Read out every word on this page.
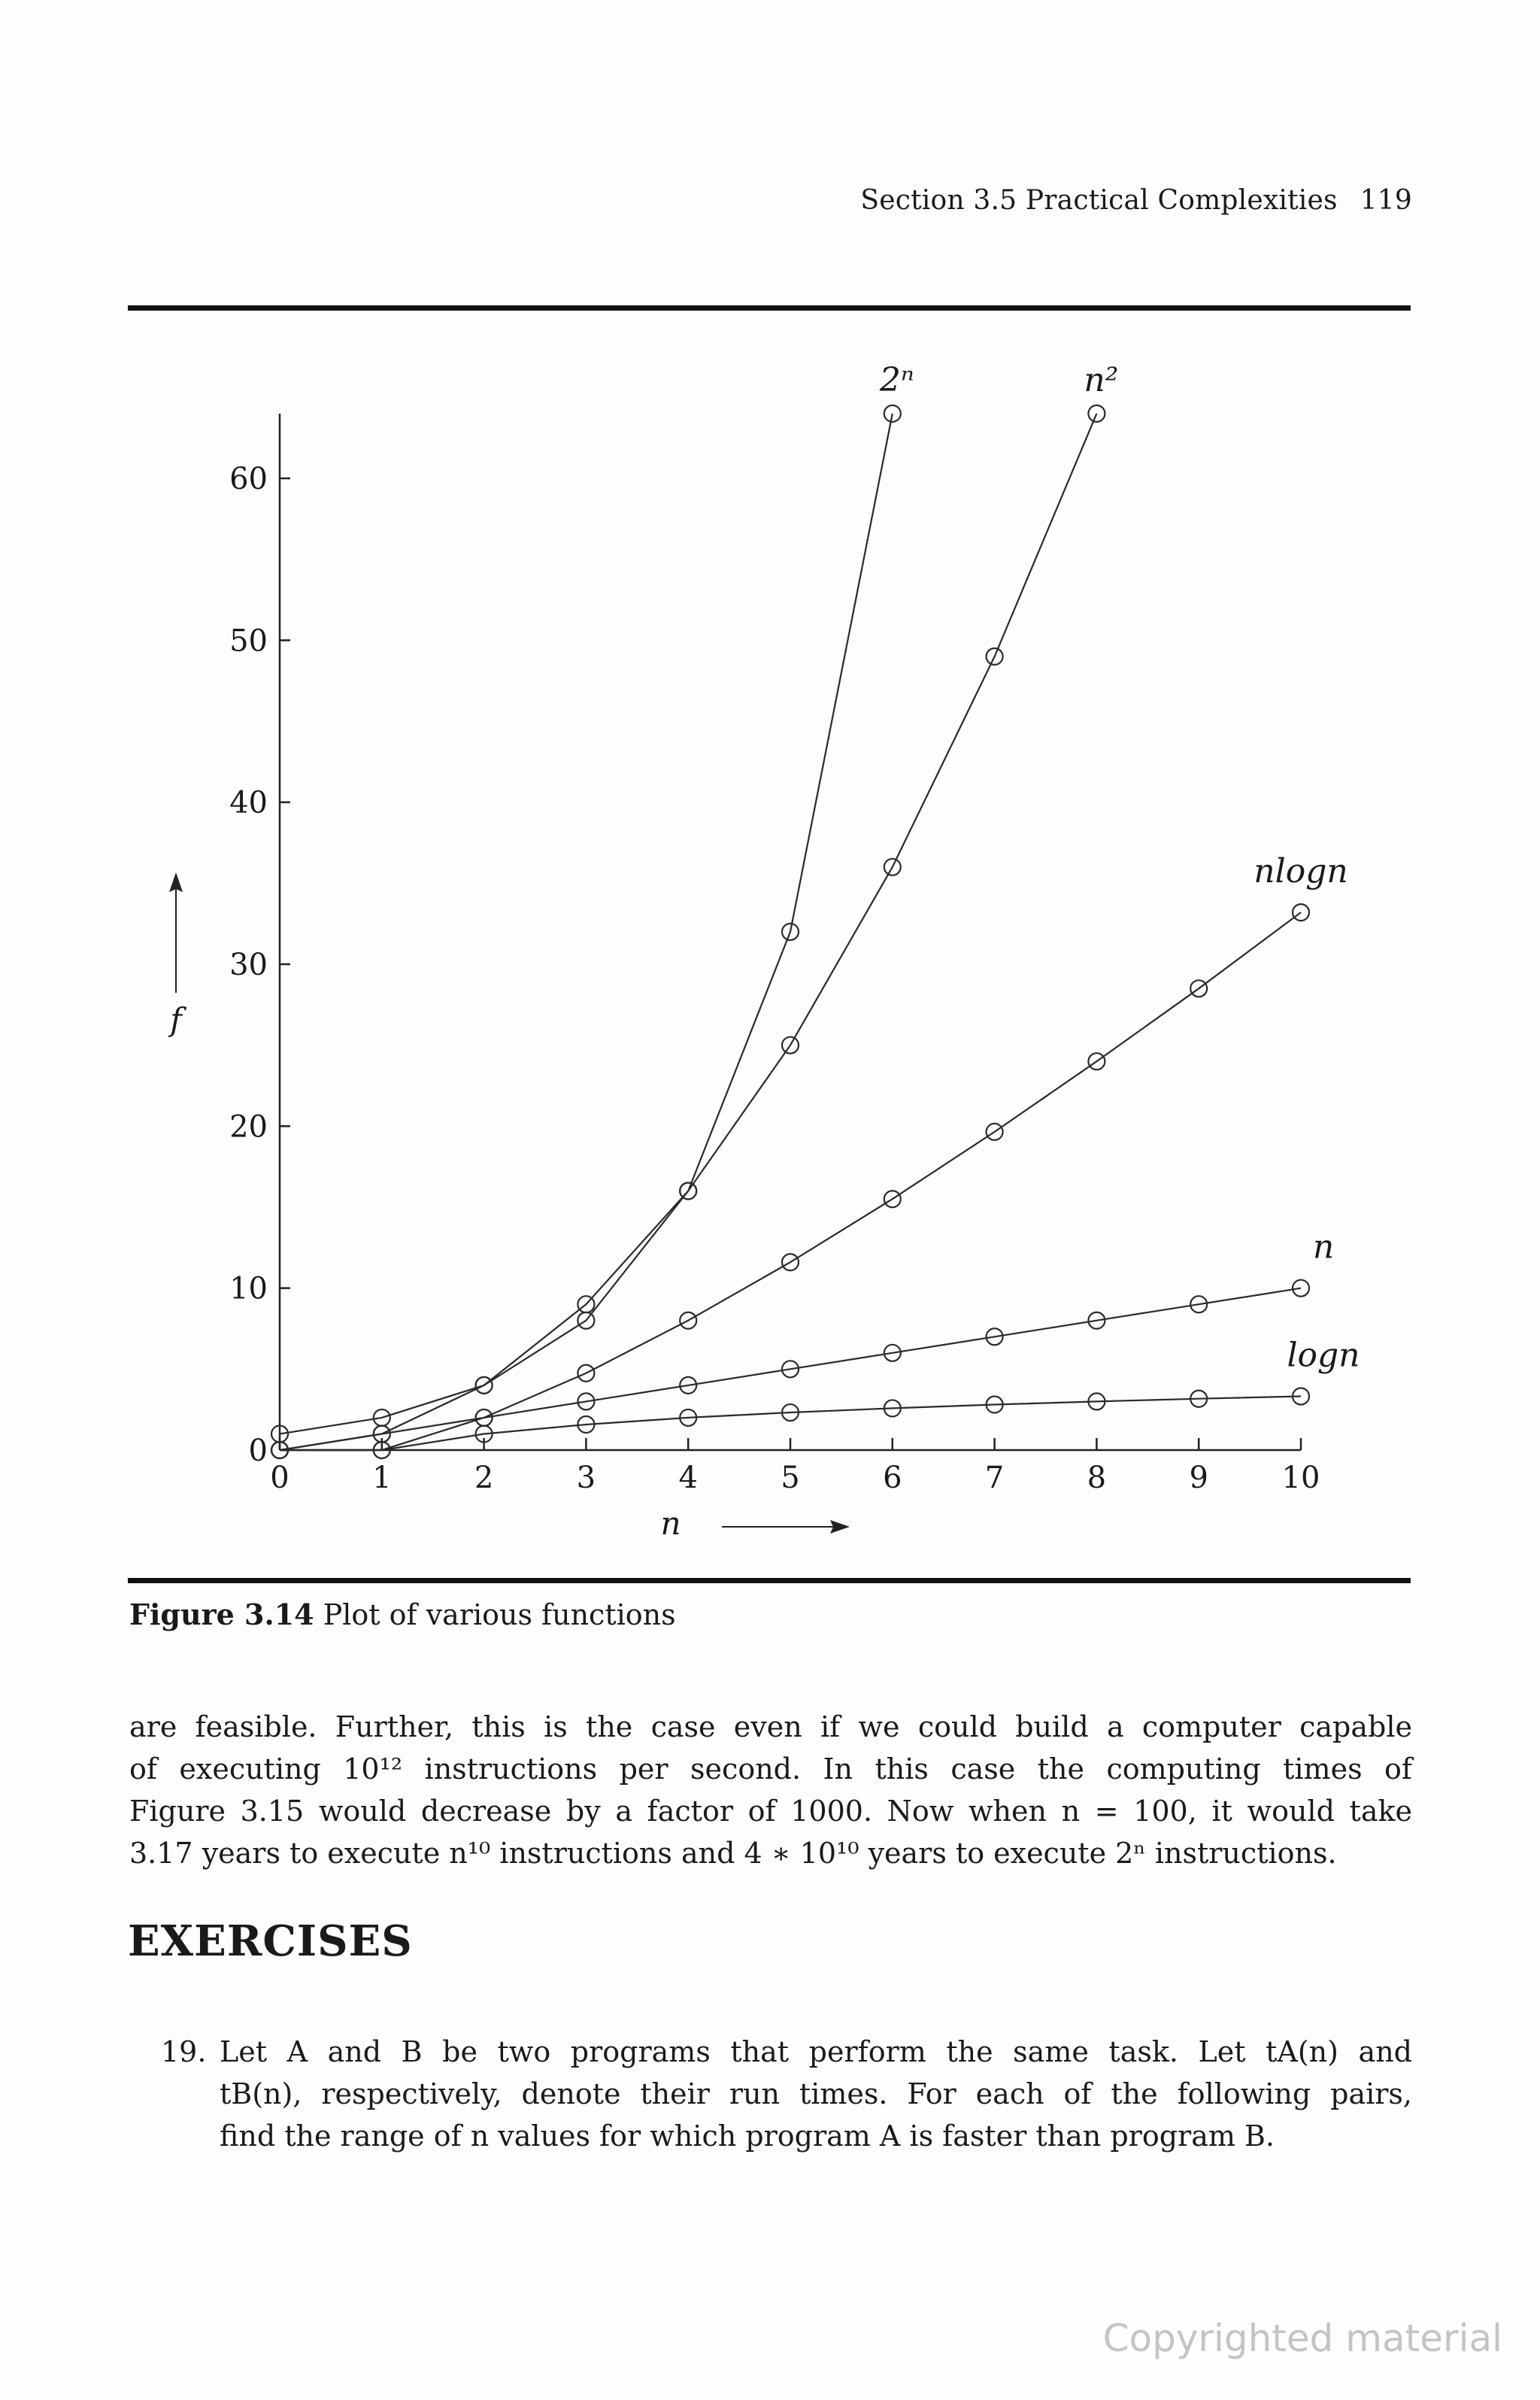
Section 3.5 Practical Complexities 119
0
10
20
30
40
50
60
0	1	2	3	4	5	6	7	8	9 10
n
f
2ⁿ	n²
nlogn
n
logn
Figure 3.14 Plot of various functions
are feasible. Further, this is the case even if we could build a computer capable
of executing 10¹² instructions per second. In this case the computing times of
Figure 3.15 would decrease by a factor of 1000. Now when n = 100, it would take
3.17 years to execute n¹⁰ instructions and 4 ∗ 10¹⁰ years to execute 2ⁿ instructions.
EXERCISES
19. Let A and B be two programs that perform the same task. Let tA(n) and
tB(n), respectively, denote their run times. For each of the following pairs,
find the range of n values for which program A is faster than program B.
Copyrighted material
